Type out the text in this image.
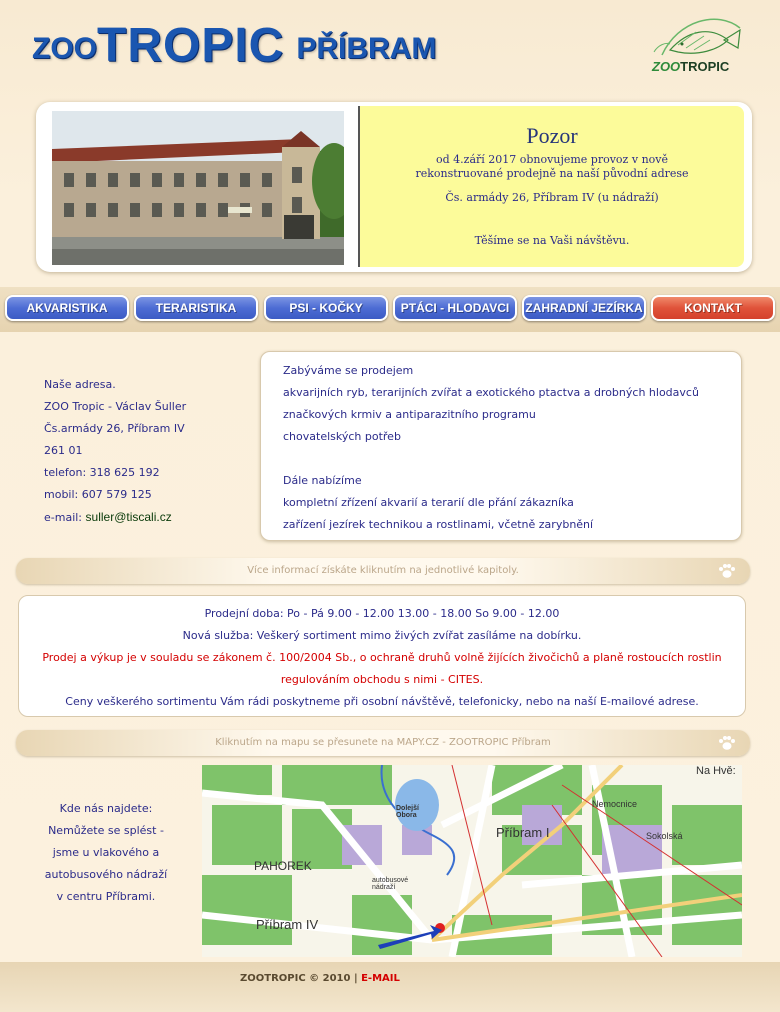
ZOO TROPIC PŘÍBRAM
ZOOTROPIC
Pozor
od 4.září 2017 obnovujeme provoz v nově rekonstruované prodejně na naší původní adrese
Čs. armády 26, Příbram IV (u nádraží)
Těšíme se na Vaši návštěvu.
AKVARISTIKA	TERARISTIKA	PSI - KOČKY	PTÁCI - HLODAVCI	ZAHRADNÍ JEZÍRKA	KONTAKT
Naše adresa.
ZOO Tropic - Václav Šuller
Čs.armády 26, Příbram IV
261 01
telefon: 318 625 192
mobil: 607 579 125
e-mail: suller@tiscali.cz
Zabýváme se prodejem
akvarijních ryb, terarijních zvířat a exotického ptactva a drobných hlodavců
značkových krmiv a antiparazitního programu
chovatelských potřeb

Dále nabízíme
kompletní zřízení akvarií a terarií dle přání zákazníka
zařízení jezírek technikou a rostlinami, včetně zarybnění
Více informací získáte kliknutím na jednotlivé kapitoly.
Prodejní doba: Po - Pá 9.00 - 12.00 13.00 - 18.00 So 9.00 - 12.00
Nová služba: Veškerý sortiment mimo živých zvířat zasíláme na dobírku.
Prodej a výkup je v souladu se zákonem č. 100/2004 Sb., o ochraně druhů volně žijících živočichů a planě rostoucích rostlin
regulováním obchodu s nimi - CITES.
Ceny veškerého sortimentu Vám rádi poskytneme při osobní návštěvě, telefonicky, nebo na naší E-mailové adrese.
Kliknutím na mapu se přesunete na MAPY.CZ - ZOOTROPIC Příbram
Kde nás najdete:
Nemůžete se splést -
jsme u vlakového a
autobusového nádraží
v centru Příbrami.
Na Hvě:
Nemocnice
Příbram I
PAHOREK
Příbram IV
Sokolská
Dolejší Obora
autobusové nádraží
ZOOTROPIC © 2010 | E-MAIL
